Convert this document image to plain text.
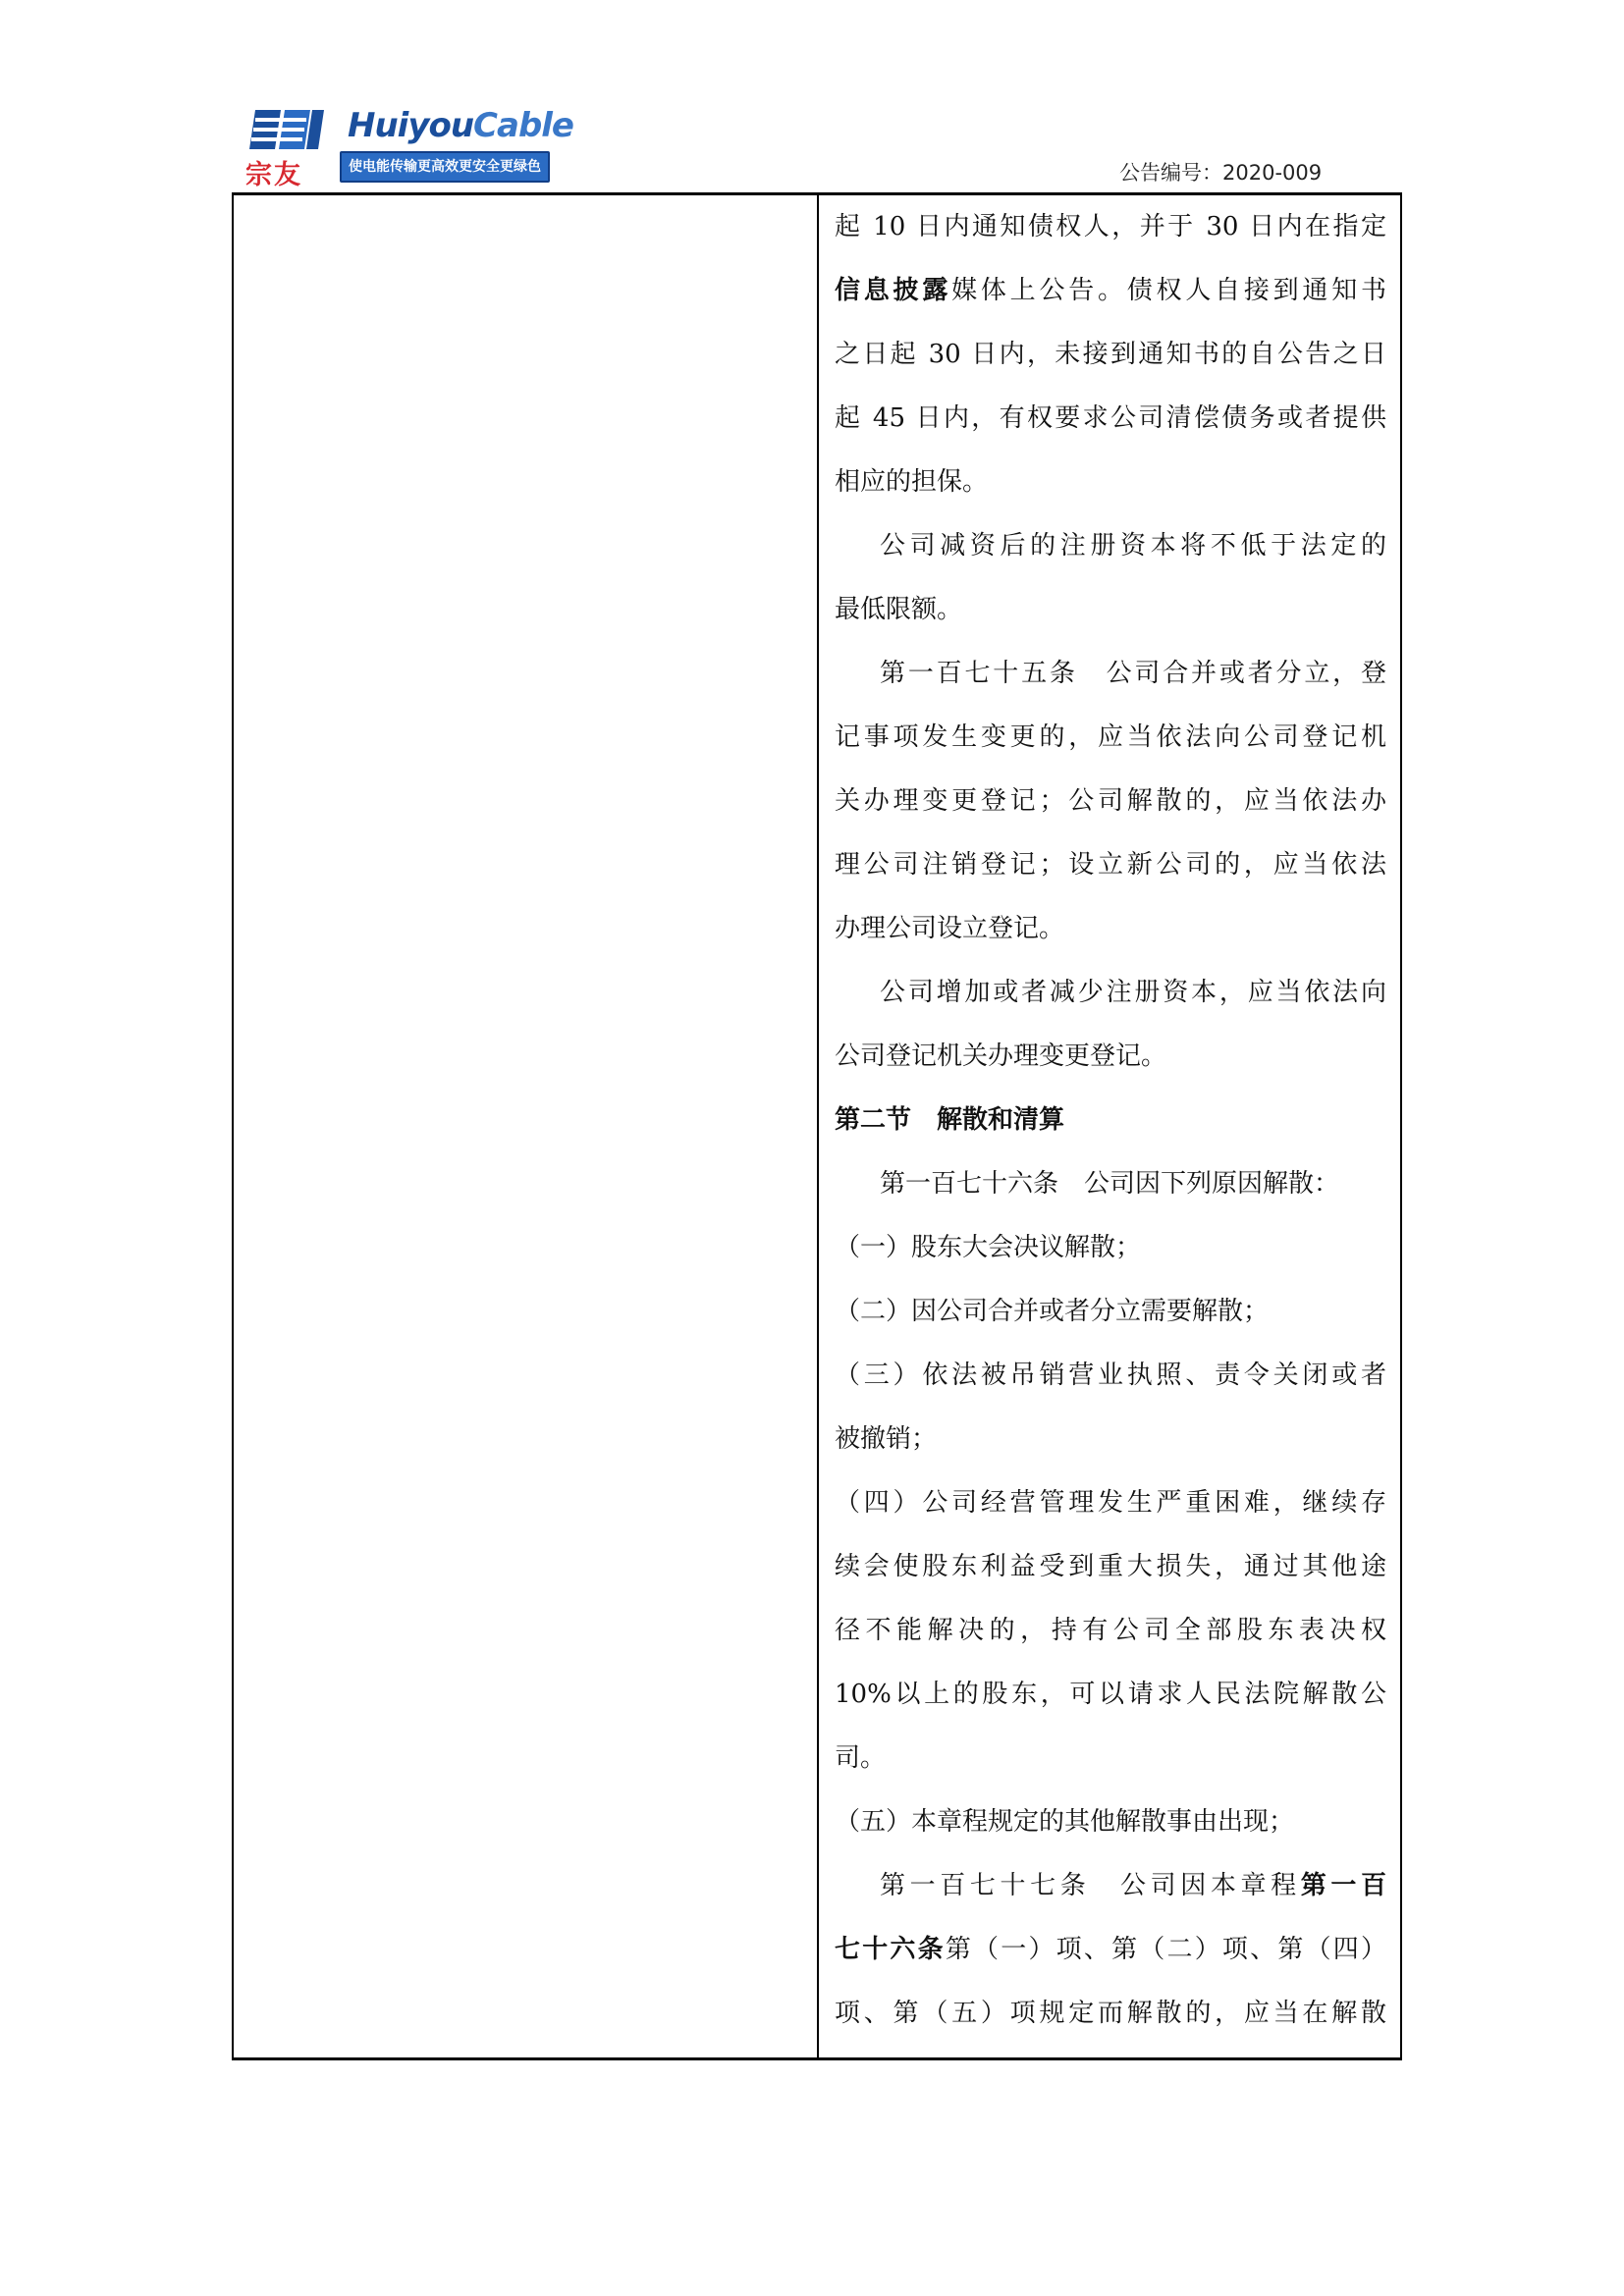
HuiyouCable
宗友	使电能传输更高效更安全更绿色	公告编号：2020-009

起 10 日内通知债权人，并于 30 日内在指定

信息披露媒体上公告。债权人自接到通知书

之日起 30 日内，未接到通知书的自公告之日

起 45 日内，有权要求公司清偿债务或者提供

相应的担保。

公司减资后的注册资本将不低于法定的

最低限额。

第一百七十五条　公司合并或者分立，登

记事项发生变更的，应当依法向公司登记机

关办理变更登记；公司解散的，应当依法办

理公司注销登记；设立新公司的，应当依法

办理公司设立登记。

公司增加或者减少注册资本，应当依法向

公司登记机关办理变更登记。

第二节　解散和清算

第一百七十六条　公司因下列原因解散：

（一）股东大会决议解散；

（二）因公司合并或者分立需要解散；

（三）依法被吊销营业执照、责令关闭或者

被撤销；

（四）公司经营管理发生严重困难，继续存

续会使股东利益受到重大损失，通过其他途

径不能解决的，持有公司全部股东表决权

10%以上的股东，可以请求人民法院解散公

司。

（五）本章程规定的其他解散事由出现；

第一百七十七条　公司因本章程第一百

七十六条第（一）项、第（二）项、第（四）

项、第（五）项规定而解散的，应当在解散
